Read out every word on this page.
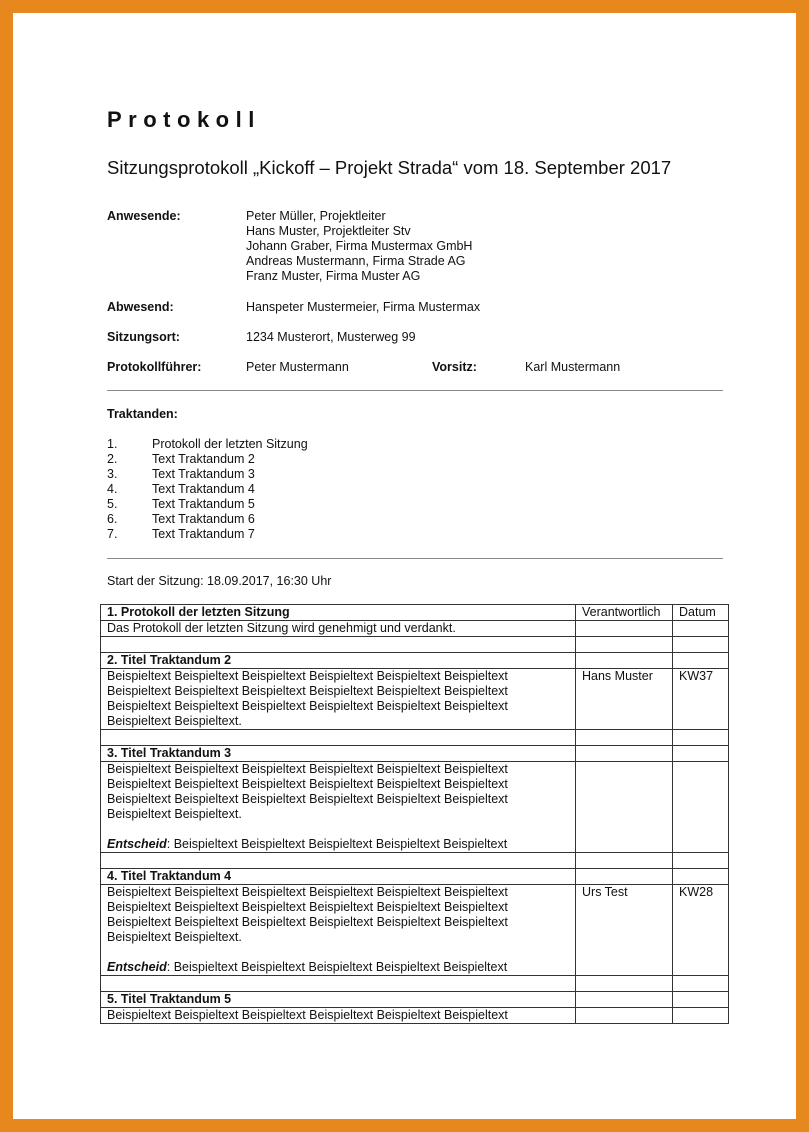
Protokoll
Sitzungsprotokoll „Kickoff – Projekt Strada“ vom 18. September 2017
Anwesende:	Peter Müller, Projektleiter
Hans Muster, Projektleiter Stv
Johann Graber, Firma Mustermax GmbH
Andreas Mustermann, Firma Strade AG
Franz Muster, Firma Muster AG
Abwesend:	Hanspeter Mustermeier, Firma Mustermax
Sitzungsort:	1234 Musterort, Musterweg 99
Protokollführer:	Peter Mustermann	Vorsitz:	Karl Mustermann
Traktanden:
1.	Protokoll der letzten Sitzung
2.	Text Traktandum 2
3.	Text Traktandum 3
4.	Text Traktandum 4
5.	Text Traktandum 5
6.	Text Traktandum 6
7.	Text Traktandum 7
Start der Sitzung: 18.09.2017, 16:30 Uhr
1. Protokoll der letzten Sitzung	Verantwortlich	Datum

Das Protokoll der letzten Sitzung wird genehmigt und verdankt.		

2. Titel Traktandum 2		

Beispieltext Beispieltext Beispieltext Beispieltext Beispieltext Beispieltext
Beispieltext Beispieltext Beispieltext Beispieltext Beispieltext Beispieltext
Beispieltext Beispieltext Beispieltext Beispieltext Beispieltext Beispieltext
Beispieltext Beispieltext.	Hans Muster	KW37

3. Titel Traktandum 3		

Beispieltext Beispieltext Beispieltext Beispieltext Beispieltext Beispieltext
Beispieltext Beispieltext Beispieltext Beispieltext Beispieltext Beispieltext
Beispieltext Beispieltext Beispieltext Beispieltext Beispieltext Beispieltext
Beispieltext Beispieltext.
Entscheid: Beispieltext Beispieltext Beispieltext Beispieltext Beispieltext		

4. Titel Traktandum 4		

Beispieltext Beispieltext Beispieltext Beispieltext Beispieltext Beispieltext
Beispieltext Beispieltext Beispieltext Beispieltext Beispieltext Beispieltext
Beispieltext Beispieltext Beispieltext Beispieltext Beispieltext Beispieltext
Beispieltext Beispieltext.
Entscheid: Beispieltext Beispieltext Beispieltext Beispieltext Beispieltext	Urs Test	KW28

5. Titel Traktandum 5		

Beispieltext Beispieltext Beispieltext Beispieltext Beispieltext Beispieltext		
